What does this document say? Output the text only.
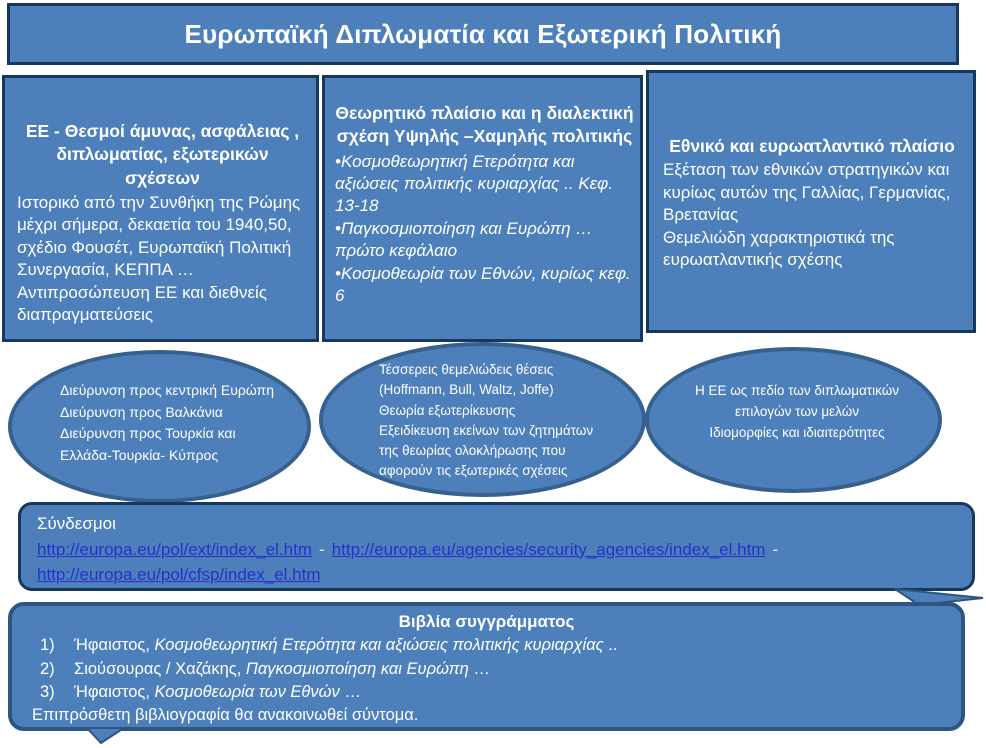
Ευρωπαϊκή Διπλωματία και Εξωτερική Πολιτική
ΕΕ - Θεσμοί άμυνας, ασφάλειας , διπλωματίας, εξωτερικών σχέσεων
Ιστορικό από την Συνθήκη της Ρώμης μέχρι σήμερα, δεκαετία του 1940,50, σχέδιο Φουσέτ, Ευρωπαϊκή Πολιτική Συνεργασία, ΚΕΠΠΑ …
Αντιπροσώπευση ΕΕ και διεθνείς διαπραγματεύσεις
Θεωρητικό πλαίσιο και η διαλεκτική σχέση Υψηλής –Χαμηλής πολιτικής
•Κοσμοθεωρητική Ετερότητα και αξιώσεις πολιτικής κυριαρχίας .. Κεφ. 13-18
•Παγκοσμιοποίηση και Ευρώπη … πρώτο κεφάλαιο
•Κοσμοθεωρία των Εθνών, κυρίως κεφ. 6
Εθνικό και ευρωατλαντικό πλαίσιο
Εξέταση των εθνικών στρατηγικών και κυρίως αυτών της Γαλλίας, Γερμανίας, Βρετανίας
Θεμελιώδη χαρακτηριστικά της ευρωατλαντικής σχέσης
Διεύρυνση προς κεντρική Ευρώπη
Διεύρυνση προς Βαλκάνια
Διεύρυνση προς Τουρκία και Ελλάδα-Τουρκία- Κύπρος
Τέσσερεις θεμελιώδεις θέσεις (Hoffmann, Bull, Waltz, Joffe)
Θεωρία εξωτερίκευσης
Εξειδίκευση εκείνων των ζητημάτων της θεωρίας ολοκλήρωσης που αφορούν τις εξωτερικές σχέσεις
Η ΕΕ ως πεδίο των διπλωματικών επιλογών των μελών
Ιδιομορφίες και ιδιαιτερότητες
Σύνδεσμοι
http://europa.eu/pol/ext/index_el.htm - http://europa.eu/agencies/security_agencies/index_el.htm -
http://europa.eu/pol/cfsp/index_el.htm
Βιβλία συγγράμματος
1) Ήφαιστος, Κοσμοθεωρητική Ετερότητα και αξιώσεις πολιτικής κυριαρχίας ..
2) Σιούσουρας / Χαζάκης, Παγκοσμιοποίηση και Ευρώπη …
3) Ήφαιστος, Κοσμοθεωρία των Εθνών …
Επιπρόσθετη βιβλιογραφία θα ανακοινωθεί σύντομα.
